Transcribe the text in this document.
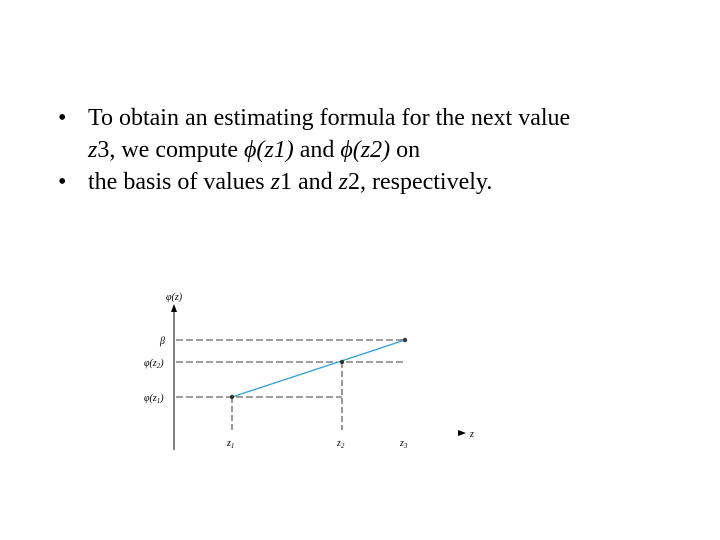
• To obtain an estimating formula for the next value
z3, we compute ϕ(z1) and ϕ(z2) on
• the basis of values z1 and z2, respectively.
φ(z)
z
β
$\varphi(z_2)$
$\varphi(z_1)$
$z_1$	$z_2$	$z_3$
